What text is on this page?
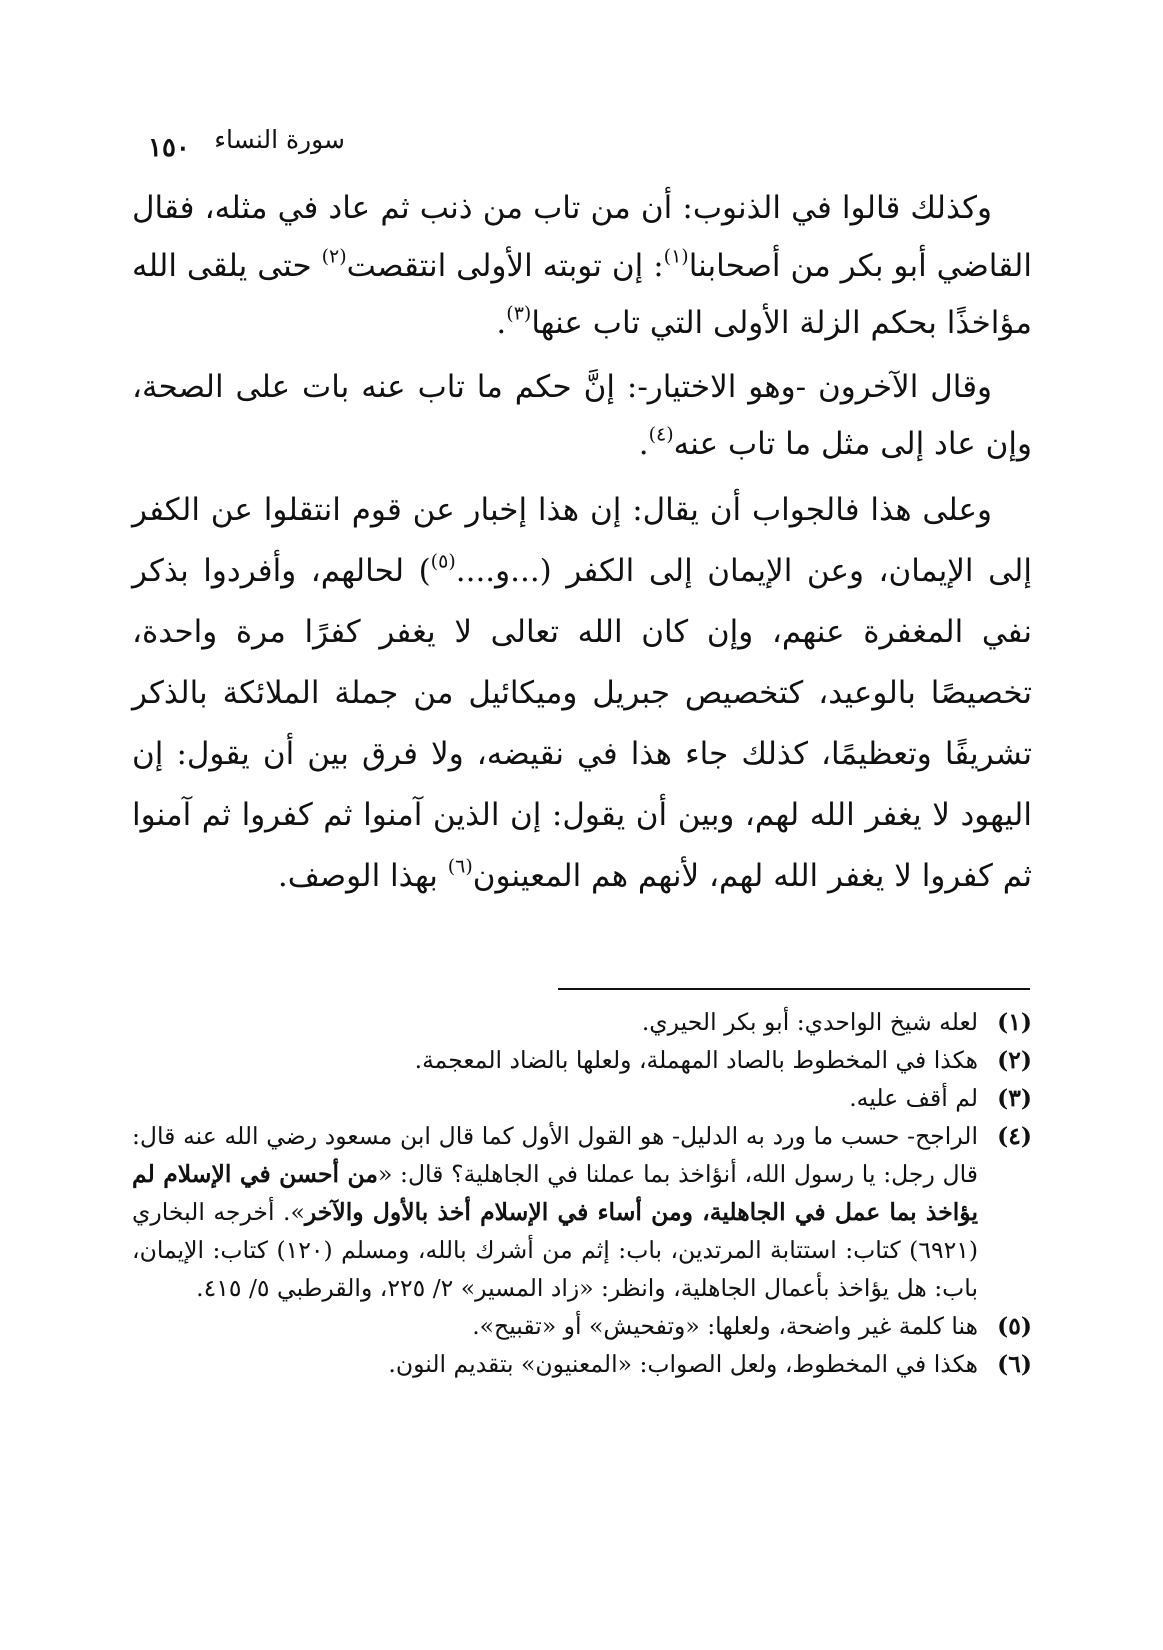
سورة النساء
١٥٠

وكذلك قالوا في الذنوب: أن من تاب من ذنب ثم عاد في مثله، فقال القاضي أبو بكر من أصحابنا$^{(١)}$: إن توبته الأولى انتقصت$^{(٢)}$ حتى يلقى الله مؤاخذًا بحكم الزلة الأولى التي تاب عنها$^{(٣)}$.

وقال الآخرون -وهو الاختيار-: إنَّ حكم ما تاب عنه بات على الصحة، وإن عاد إلى مثل ما تاب عنه$^{(٤)}$.

وعلى هذا فالجواب أن يقال: إن هذا إخبار عن قوم انتقلوا عن الكفر إلى الإيمان، وعن الإيمان إلى الكفر (...و....$^{(٥)}$) لحالهم، وأفردوا بذكر نفي المغفرة عنهم، وإن كان الله تعالى لا يغفر كفرًا مرة واحدة، تخصيصًا بالوعيد، كتخصيص جبريل وميكائيل من جملة الملائكة بالذكر تشريفًا وتعظيمًا، كذلك جاء هذا في نقيضه، ولا فرق بين أن يقول: إن اليهود لا يغفر الله لهم، وبين أن يقول: إن الذين آمنوا ثم كفروا ثم آمنوا ثم كفروا لا يغفر الله لهم، لأنهم هم المعينون$^{(٦)}$ بهذا الوصف.

(١)
لعله شيخ الواحدي: أبو بكر الحيري.
(٢)
هكذا في المخطوط بالصاد المهملة، ولعلها بالضاد المعجمة.
(٣)
لم أقف عليه.
(٤)
الراجح- حسب ما ورد به الدليل- هو القول الأول كما قال ابن مسعود رضي الله عنه قال: قال رجل: يا رسول الله، أنؤاخذ بما عملنا في الجاهلية؟ قال: «من أحسن في الإسلام لم يؤاخذ بما عمل في الجاهلية، ومن أساء في الإسلام أخذ بالأول والآخر». أخرجه البخاري (٦٩٢١) كتاب: استتابة المرتدين، باب: إثم من أشرك بالله، ومسلم (١٢٠) كتاب: الإيمان، باب: هل يؤاخذ بأعمال الجاهلية، وانظر: «زاد المسير» ٢/ ٢٢٥، والقرطبي ٥/ ٤١٥.
(٥)
هنا كلمة غير واضحة، ولعلها: «وتفحيش» أو «تقبيح».
(٦)
هكذا في المخطوط، ولعل الصواب: «المعنيون» بتقديم النون.
